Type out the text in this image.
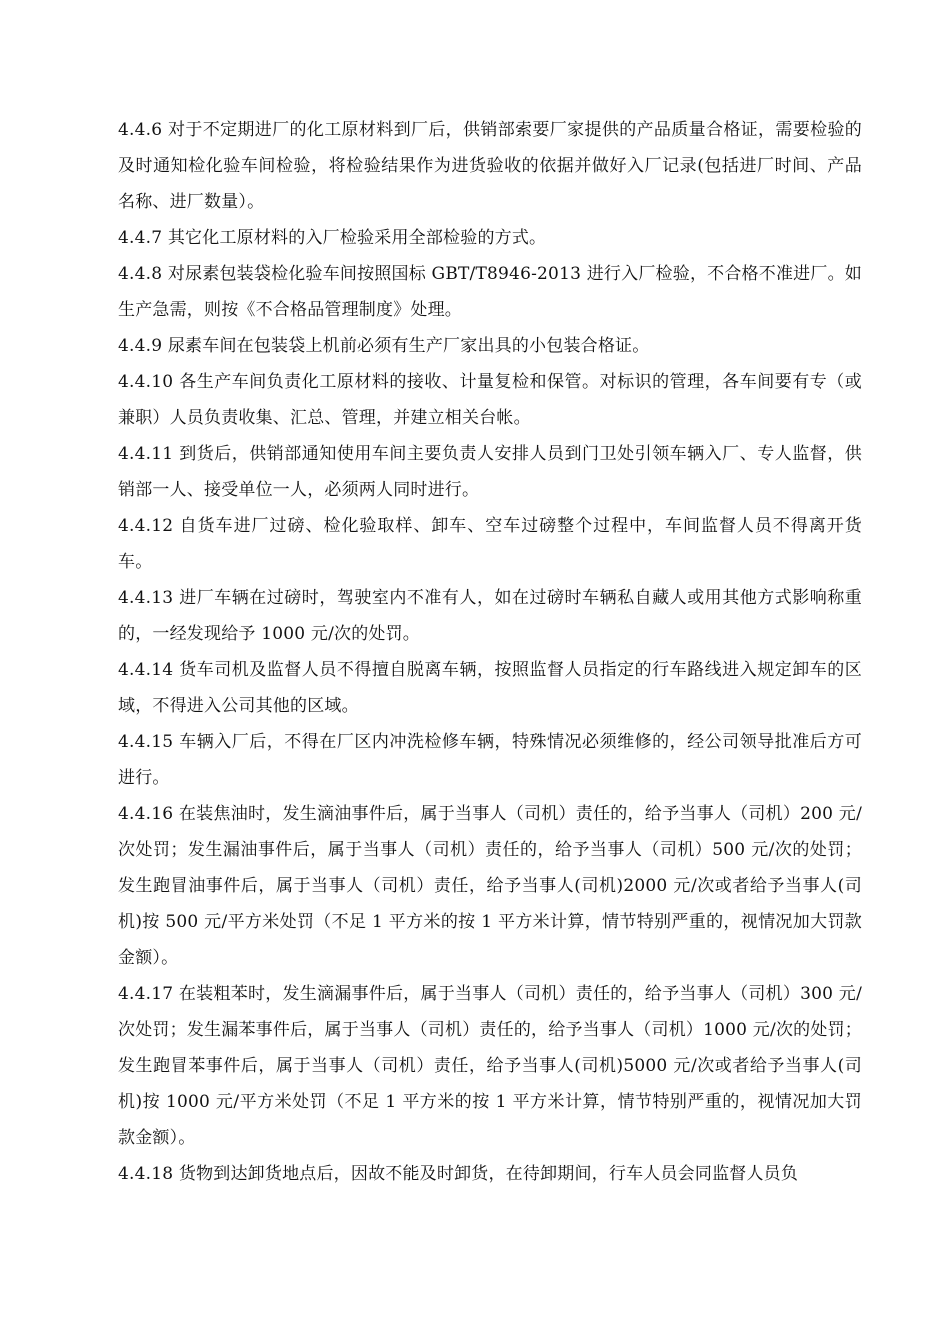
4.4.6 对于不定期进厂的化工原材料到厂后，供销部索要厂家提供的产品质量合格证，需要检验的及时通知检化验车间检验，将检验结果作为进货验收的依据并做好入厂记录(包括进厂时间、产品名称、进厂数量）。

4.4.7 其它化工原材料的入厂检验采用全部检验的方式。

4.4.8 对尿素包装袋检化验车间按照国标 GBT/T8946-2013 进行入厂检验，不合格不准进厂。如生产急需，则按《不合格品管理制度》处理。

4.4.9 尿素车间在包装袋上机前必须有生产厂家出具的小包装合格证。

4.4.10 各生产车间负责化工原材料的接收、计量复检和保管。对标识的管理，各车间要有专（或兼职）人员负责收集、汇总、管理，并建立相关台帐。

4.4.11 到货后，供销部通知使用车间主要负责人安排人员到门卫处引领车辆入厂、专人监督，供销部一人、接受单位一人，必须两人同时进行。

4.4.12 自货车进厂过磅、检化验取样、卸车、空车过磅整个过程中，车间监督人员不得离开货车。

4.4.13 进厂车辆在过磅时，驾驶室内不准有人，如在过磅时车辆私自藏人或用其他方式影响称重的，一经发现给予 1000 元/次的处罚。

4.4.14 货车司机及监督人员不得擅自脱离车辆，按照监督人员指定的行车路线进入规定卸车的区域，不得进入公司其他的区域。

4.4.15 车辆入厂后，不得在厂区内冲洗检修车辆，特殊情况必须维修的，经公司领导批准后方可进行。

4.4.16 在装焦油时，发生滴油事件后，属于当事人（司机）责任的，给予当事人（司机）200 元/次处罚；发生漏油事件后，属于当事人（司机）责任的，给予当事人（司机）500 元/次的处罚；发生跑冒油事件后，属于当事人（司机）责任，给予当事人(司机)2000 元/次或者给予当事人(司机)按 500 元/平方米处罚（不足 1 平方米的按 1 平方米计算，情节特别严重的，视情况加大罚款金额）。

4.4.17 在装粗苯时，发生滴漏事件后，属于当事人（司机）责任的，给予当事人（司机）300 元/次处罚；发生漏苯事件后，属于当事人（司机）责任的，给予当事人（司机）1000 元/次的处罚；发生跑冒苯事件后，属于当事人（司机）责任，给予当事人(司机)5000 元/次或者给予当事人(司机)按 1000 元/平方米处罚（不足 1 平方米的按 1 平方米计算，情节特别严重的，视情况加大罚款金额）。

4.4.18 货物到达卸货地点后，因故不能及时卸货，在待卸期间，行车人员会同监督人员负
